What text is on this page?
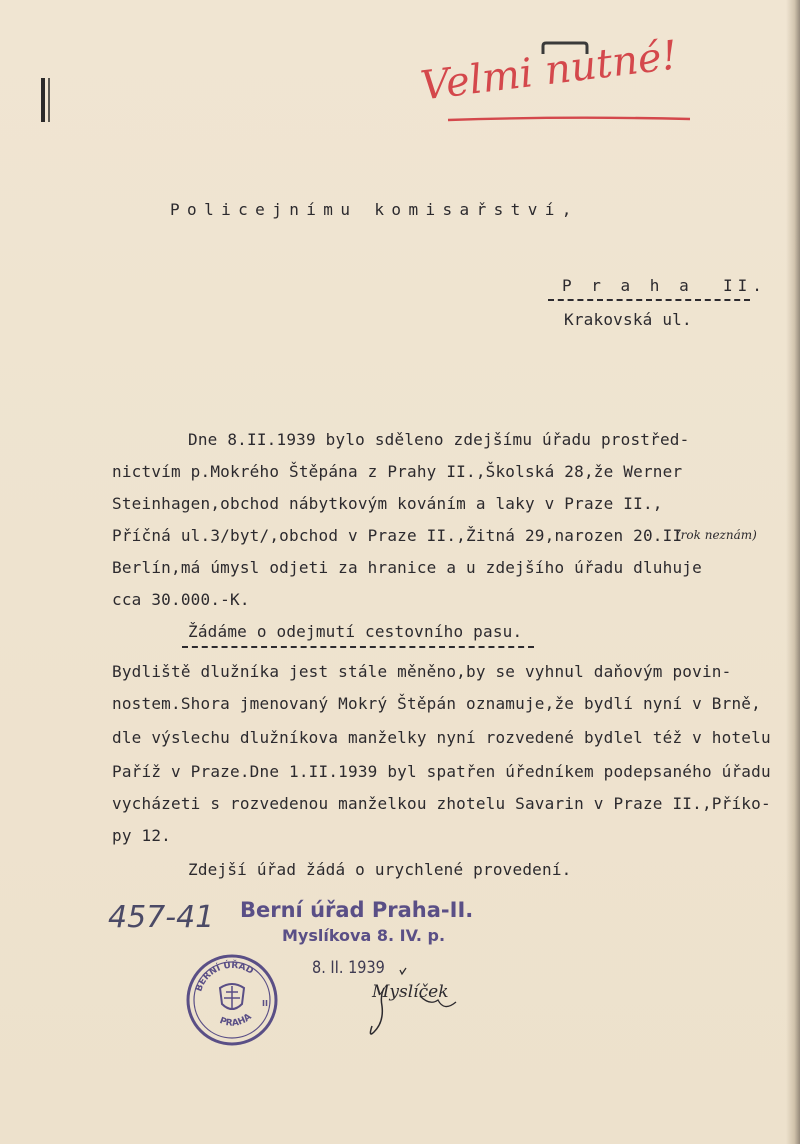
Velmi nutné!
Policejnímu komisařství,
P r a h a  II.
Krakovská ul.
Dne 8.II.1939 bylo sděleno zdejšímu úřadu prostřed-
nictvím p.Mokrého Štěpána z Prahy II.,Školská 28,že Werner
Steinhagen,obchod nábytkovým kováním a laky v Praze II.,
Příčná ul.3/byt/,obchod v Praze II.,Žitná 29,narozen 20.II
(rok neznám)
Berlín,má úmysl odjeti za hranice a u zdejšího úřadu dluhuje
cca 30.000.-K.
Žádáme o odejmutí cestovního pasu.
Bydliště dlužníka jest stále měněno,by se vyhnul daňovým povin-
nostem.Shora jmenovaný Mokrý Štěpán oznamuje,že bydlí nyní v Brně,
dle výslechu dlužníkova manželky nyní rozvedené bydlel též v hotelu
Paříž v Praze.Dne 1.II.1939 byl spatřen úředníkem podepsaného úřadu
vycházeti s rozvedenou manželkou zhotelu Savarin v Praze II.,Příko-
py 12.
Zdejší úřad žádá o urychlené provedení.
457-41 Berní úřad Praha-II.
Myslíkova 8. IV. p.
8. II. 1939
BERNÍ ÚŘAD
PRAHA
II
Myslíček
